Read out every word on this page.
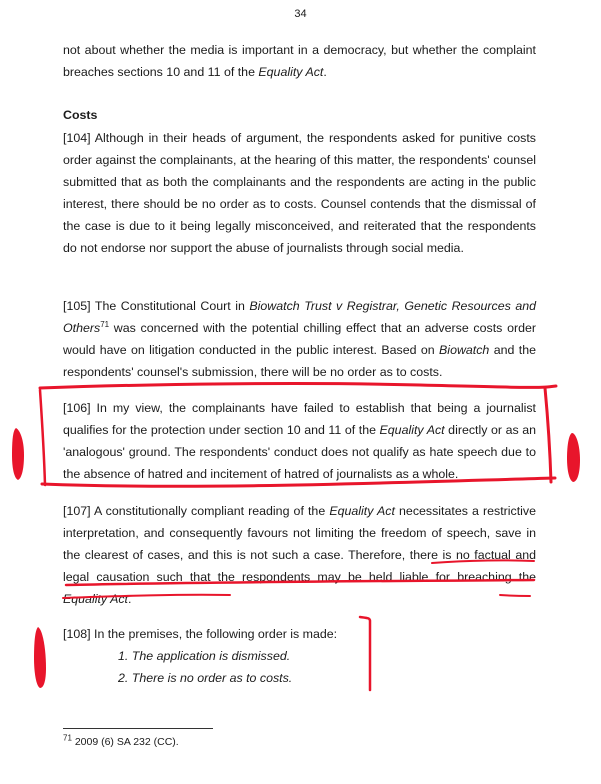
34

not about whether the media is important in a democracy, but whether the complaint breaches sections 10 and 11 of the Equality Act.

Costs

[104] Although in their heads of argument, the respondents asked for punitive costs order against the complainants, at the hearing of this matter, the respondents' counsel submitted that as both the complainants and the respondents are acting in the public interest, there should be no order as to costs. Counsel contends that the dismissal of the case is due to it being legally misconceived, and reiterated that the respondents do not endorse nor support the abuse of journalists through social media.

[105] The Constitutional Court in Biowatch Trust v Registrar, Genetic Resources and Others$^{71}$ was concerned with the potential chilling effect that an adverse costs order would have on litigation conducted in the public interest. Based on Biowatch and the respondents' counsel's submission, there will be no order as to costs.

[106] In my view, the complainants have failed to establish that being a journalist qualifies for the protection under section 10 and 11 of the Equality Act directly or as an 'analogous' ground. The respondents' conduct does not qualify as hate speech due to the absence of hatred and incitement of hatred of journalists as a whole.

[107] A constitutionally compliant reading of the Equality Act necessitates a restrictive interpretation, and consequently favours not limiting the freedom of speech, save in the clearest of cases, and this is not such a case. Therefore, there is no factual and legal causation such that the respondents may be held liable for breaching the Equality Act.

[108] In the premises, the following order is made:
1. The application is dismissed.
2. There is no order as to costs.
$^{71}$ 2009 (6) SA 232 (CC).
